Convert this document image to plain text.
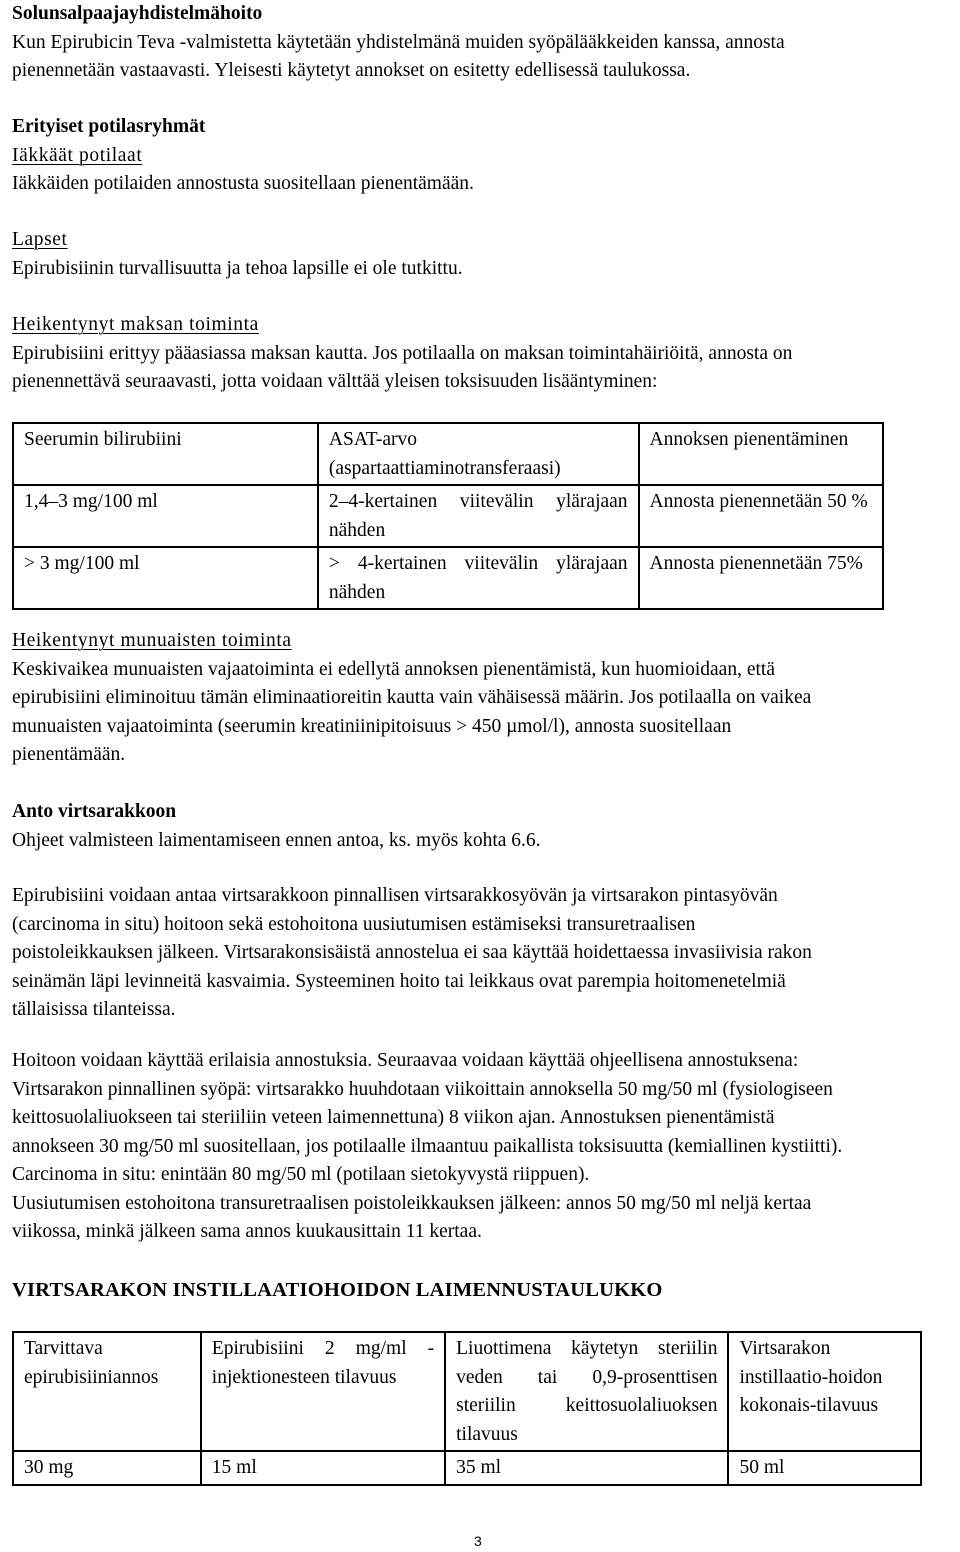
Solunsalpaajayhdistelmähoito

Kun Epirubicin Teva -valmistetta käytetään yhdistelmänä muiden syöpälääkkeiden kanssa, annosta

pienennetään vastaavasti. Yleisesti käytetyt annokset on esitetty edellisessä taulukossa.

Erityiset potilasryhmät

Iäkkäät potilaat

Iäkkäiden potilaiden annostusta suositellaan pienentämään.

Lapset

Epirubisiinin turvallisuutta ja tehoa lapsille ei ole tutkittu.

Heikentynyt maksan toiminta

Epirubisiini erittyy pääasiassa maksan kautta. Jos potilaalla on maksan toimintahäiriöitä, annosta on

pienennettävä seuraavasti, jotta voidaan välttää yleisen toksisuuden lisääntyminen:

Seerumin bilirubiini	ASAT-arvo (aspartaattiaminotransferaasi)	Annoksen pienentäminen
1,4–3 mg/100 ml	2–4-kertainen viitevälin ylärajaan nähden	Annosta pienennetään 50 %
> 3 mg/100 ml	> 4-kertainen viitevälin ylärajaan nähden	Annosta pienennetään 75%

Heikentynyt munuaisten toiminta

Keskivaikea munuaisten vajaatoiminta ei edellytä annoksen pienentämistä, kun huomioidaan, että

epirubisiini eliminoituu tämän eliminaatioreitin kautta vain vähäisessä määrin. Jos potilaalla on vaikea

munuaisten vajaatoiminta (seerumin kreatiniinipitoisuus > 450 µmol/l), annosta suositellaan

pienentämään.

Anto virtsarakkoon

Ohjeet valmisteen laimentamiseen ennen antoa, ks. myös kohta 6.6.

Epirubisiini voidaan antaa virtsarakkoon pinnallisen virtsarakkosyövän ja virtsarakon pintasyövän

(carcinoma in situ) hoitoon sekä estohoitona uusiutumisen estämiseksi transuretraalisen

poistoleikkauksen jälkeen. Virtsarakonsisäistä annostelua ei saa käyttää hoidettaessa invasiivisia rakon

seinämän läpi levinneitä kasvaimia. Systeeminen hoito tai leikkaus ovat parempia hoitomenetelmiä

tällaisissa tilanteissa.

Hoitoon voidaan käyttää erilaisia annostuksia. Seuraavaa voidaan käyttää ohjeellisena annostuksena:

Virtsarakon pinnallinen syöpä: virtsarakko huuhdotaan viikoittain annoksella 50 mg/50 ml (fysiologiseen

keittosuolaliuokseen tai steriiliin veteen laimennettuna) 8 viikon ajan. Annostuksen pienentämistä

annokseen 30 mg/50 ml suositellaan, jos potilaalle ilmaantuu paikallista toksisuutta (kemiallinen kystiitti).

Carcinoma in situ: enintään 80 mg/50 ml (potilaan sietokyvystä riippuen).

Uusiutumisen estohoitona transuretraalisen poistoleikkauksen jälkeen: annos 50 mg/50 ml neljä kertaa

viikossa, minkä jälkeen sama annos kuukausittain 11 kertaa.

VIRTSARAKON INSTILLAATIOHOIDON LAIMENNUSTAULUKKO

Tarvittava epirubisiiniannos	Epirubisiini 2 mg/ml -injektionesteen tilavuus	Liuottimena käytetyn steriilin veden tai 0,9-prosenttisen steriilin keittosuolaliuoksen tilavuus	Virtsarakon instillaatio-hoidon kokonais-tilavuus
30 mg	15 ml	35 ml	50 ml
3
